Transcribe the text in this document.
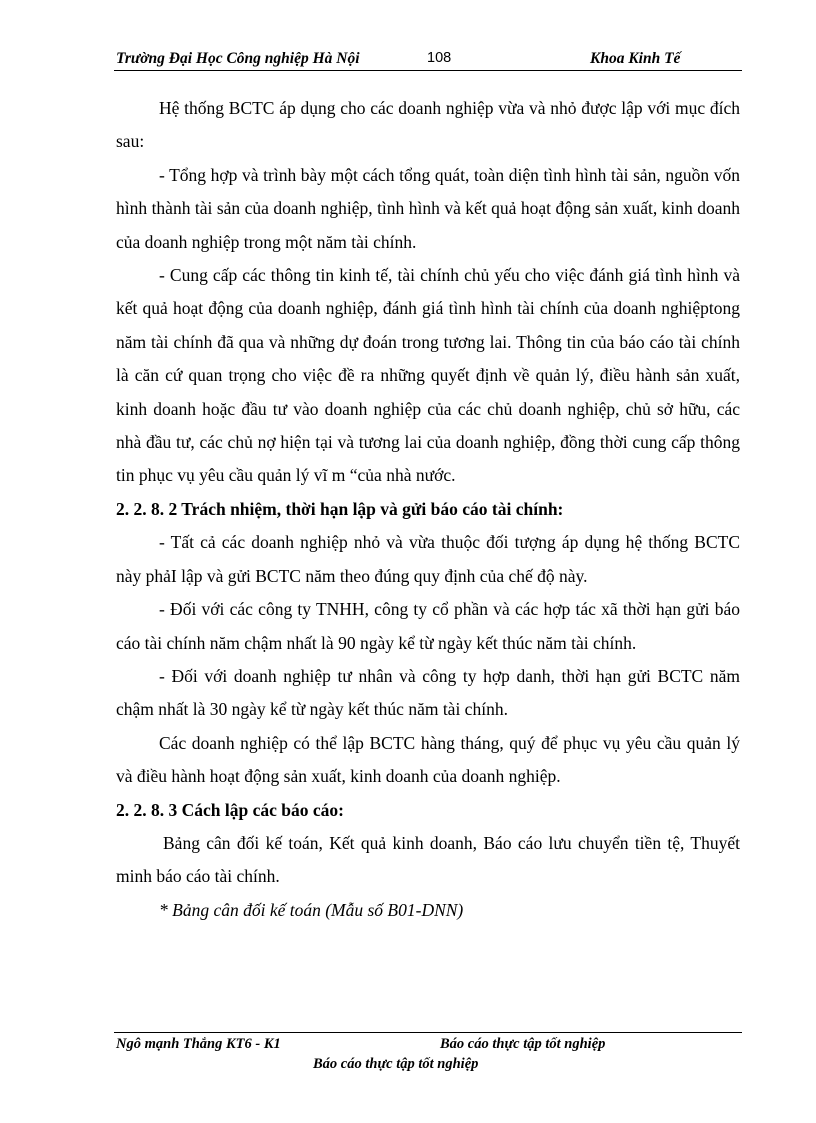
Trường Đại Học Công nghiệp Hà Nội	108	Khoa Kinh Tế

Hệ thống BCTC áp dụng cho các doanh nghiệp vừa và nhỏ được lập với mục đích sau:

- Tổng hợp và trình bày một cách tổng quát, toàn diện tình hình tài sản, nguồn vốn hình thành tài sản của doanh nghiệp, tình hình và kết quả hoạt động sản xuất, kinh doanh của doanh nghiệp trong một năm tài chính.

- Cung cấp các thông tin kinh tế, tài chính chủ yếu cho việc đánh giá tình hình và kết quả hoạt động của doanh nghiệp, đánh giá tình hình tài chính của doanh nghiệptong năm tài chính đã qua và những dự đoán trong tương lai. Thông tin của báo cáo tài chính là căn cứ quan trọng cho việc đề ra những quyết định về quản lý, điều hành sản xuất, kinh doanh hoặc đầu tư vào doanh nghiệp của các chủ doanh nghiệp, chủ sở hữu, các nhà đầu tư, các chủ nợ hiện tại và tương lai của doanh nghiệp, đồng thời cung cấp thông tin phục vụ yêu cầu quản lý vĩ m “của nhà nước.

2. 2. 8. 2 Trách nhiệm, thời hạn lập và gửi báo cáo tài chính:

- Tất cả các doanh nghiệp nhỏ và vừa thuộc đối tượng áp dụng hệ thống BCTC này phảI lập và gửi BCTC năm theo đúng quy định của chế độ này.

- Đối với các công ty TNHH, công ty cổ phần và các hợp tác xã thời hạn gửi báo cáo tài chính năm chậm nhất là 90 ngày kể từ ngày kết thúc năm tài chính.

- Đối với doanh nghiệp tư nhân và công ty hợp danh, thời hạn gửi BCTC năm chậm nhất là 30 ngày kể từ ngày kết thúc năm tài chính.

Các doanh nghiệp có thể lập BCTC hàng tháng, quý để phục vụ yêu cầu quản lý và điều hành hoạt động sản xuất, kinh doanh của doanh nghiệp.

2. 2. 8. 3 Cách lập các báo cáo:

Bảng cân đối kế toán, Kết quả kinh doanh, Báo cáo lưu chuyển tiền tệ, Thuyết minh báo cáo tài chính.

* Bảng cân đối kế toán (Mẫu số B01-DNN)

Ngô mạnh Thắng KT6 - K1	Báo cáo thực tập tốt nghiệp
Báo cáo thực tập tốt nghiệp
